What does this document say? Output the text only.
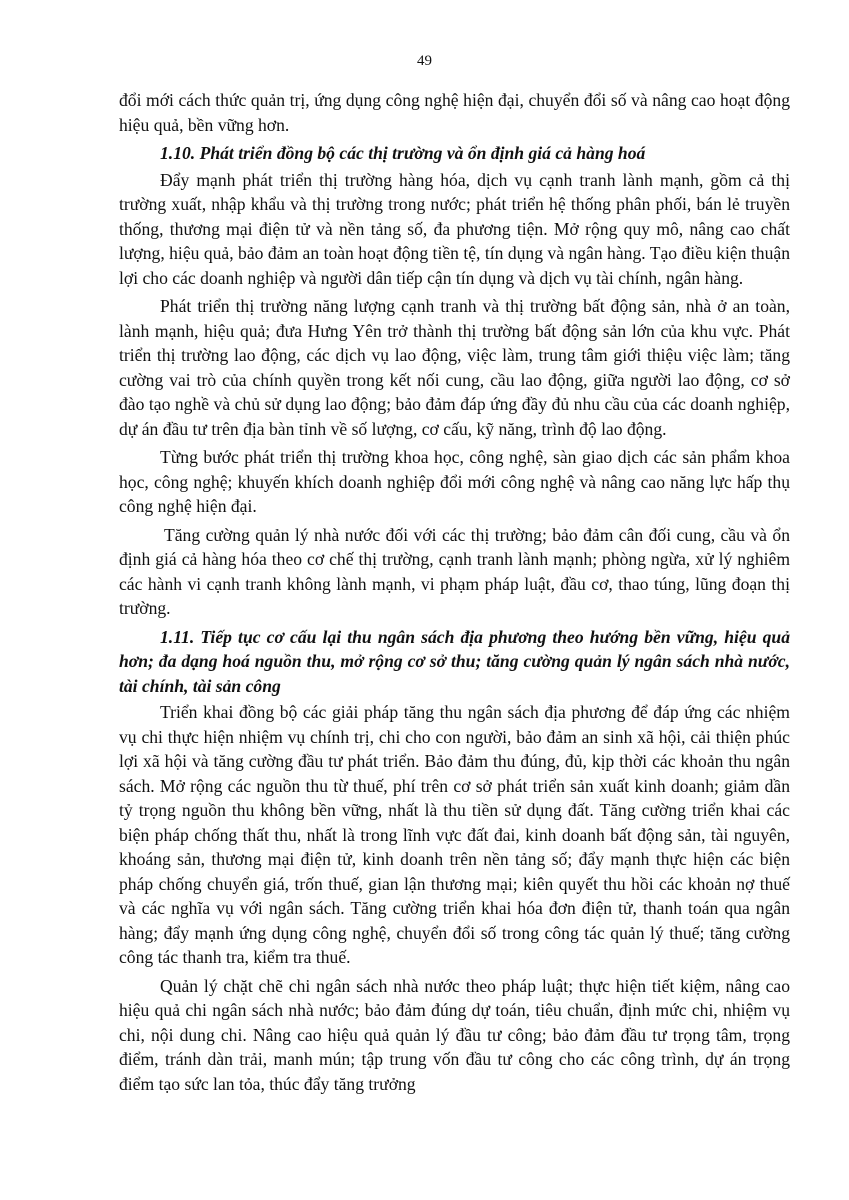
49

đổi mới cách thức quản trị, ứng dụng công nghệ hiện đại, chuyển đổi số và nâng cao hoạt động hiệu quả, bền vững hơn.

1.10. Phát triển đồng bộ các thị trường và ổn định giá cả hàng hoá

Đẩy mạnh phát triển thị trường hàng hóa, dịch vụ cạnh tranh lành mạnh, gồm cả thị trường xuất, nhập khẩu và thị trường trong nước; phát triển hệ thống phân phối, bán lẻ truyền thống, thương mại điện tử và nền tảng số, đa phương tiện. Mở rộng quy mô, nâng cao chất lượng, hiệu quả, bảo đảm an toàn hoạt động tiền tệ, tín dụng và ngân hàng. Tạo điều kiện thuận lợi cho các doanh nghiệp và người dân tiếp cận tín dụng và dịch vụ tài chính, ngân hàng.

Phát triển thị trường năng lượng cạnh tranh và thị trường bất động sản, nhà ở an toàn, lành mạnh, hiệu quả; đưa Hưng Yên trở thành thị trường bất động sản lớn của khu vực. Phát triển thị trường lao động, các dịch vụ lao động, việc làm, trung tâm giới thiệu việc làm; tăng cường vai trò của chính quyền trong kết nối cung, cầu lao động, giữa người lao động, cơ sở đào tạo nghề và chủ sử dụng lao động; bảo đảm đáp ứng đầy đủ nhu cầu của các doanh nghiệp, dự án đầu tư trên địa bàn tỉnh về số lượng, cơ cấu, kỹ năng, trình độ lao động.

Từng bước phát triển thị trường khoa học, công nghệ, sàn giao dịch các sản phẩm khoa học, công nghệ; khuyến khích doanh nghiệp đổi mới công nghệ và nâng cao năng lực hấp thụ công nghệ hiện đại.

Tăng cường quản lý nhà nước đối với các thị trường; bảo đảm cân đối cung, cầu và ổn định giá cả hàng hóa theo cơ chế thị trường, cạnh tranh lành mạnh; phòng ngừa, xử lý nghiêm các hành vi cạnh tranh không lành mạnh, vi phạm pháp luật, đầu cơ, thao túng, lũng đoạn thị trường.

1.11. Tiếp tục cơ cấu lại thu ngân sách địa phương theo hướng bền vững, hiệu quả hơn; đa dạng hoá nguồn thu, mở rộng cơ sở thu; tăng cường quản lý ngân sách nhà nước, tài chính, tài sản công

Triển khai đồng bộ các giải pháp tăng thu ngân sách địa phương để đáp ứng các nhiệm vụ chi thực hiện nhiệm vụ chính trị, chi cho con người, bảo đảm an sinh xã hội, cải thiện phúc lợi xã hội và tăng cường đầu tư phát triển. Bảo đảm thu đúng, đủ, kịp thời các khoản thu ngân sách. Mở rộng các nguồn thu từ thuế, phí trên cơ sở phát triển sản xuất kinh doanh; giảm dần tỷ trọng nguồn thu không bền vững, nhất là thu tiền sử dụng đất. Tăng cường triển khai các biện pháp chống thất thu, nhất là trong lĩnh vực đất đai, kinh doanh bất động sản, tài nguyên, khoáng sản, thương mại điện tử, kinh doanh trên nền tảng số; đẩy mạnh thực hiện các biện pháp chống chuyển giá, trốn thuế, gian lận thương mại; kiên quyết thu hồi các khoản nợ thuế và các nghĩa vụ với ngân sách. Tăng cường triển khai hóa đơn điện tử, thanh toán qua ngân hàng; đẩy mạnh ứng dụng công nghệ, chuyển đổi số trong công tác quản lý thuế; tăng cường công tác thanh tra, kiểm tra thuế.

Quản lý chặt chẽ chi ngân sách nhà nước theo pháp luật; thực hiện tiết kiệm, nâng cao hiệu quả chi ngân sách nhà nước; bảo đảm đúng dự toán, tiêu chuẩn, định mức chi, nhiệm vụ chi, nội dung chi. Nâng cao hiệu quả quản lý đầu tư công; bảo đảm đầu tư trọng tâm, trọng điểm, tránh dàn trải, manh mún; tập trung vốn đầu tư công cho các công trình, dự án trọng điểm tạo sức lan tỏa, thúc đẩy tăng trưởng
